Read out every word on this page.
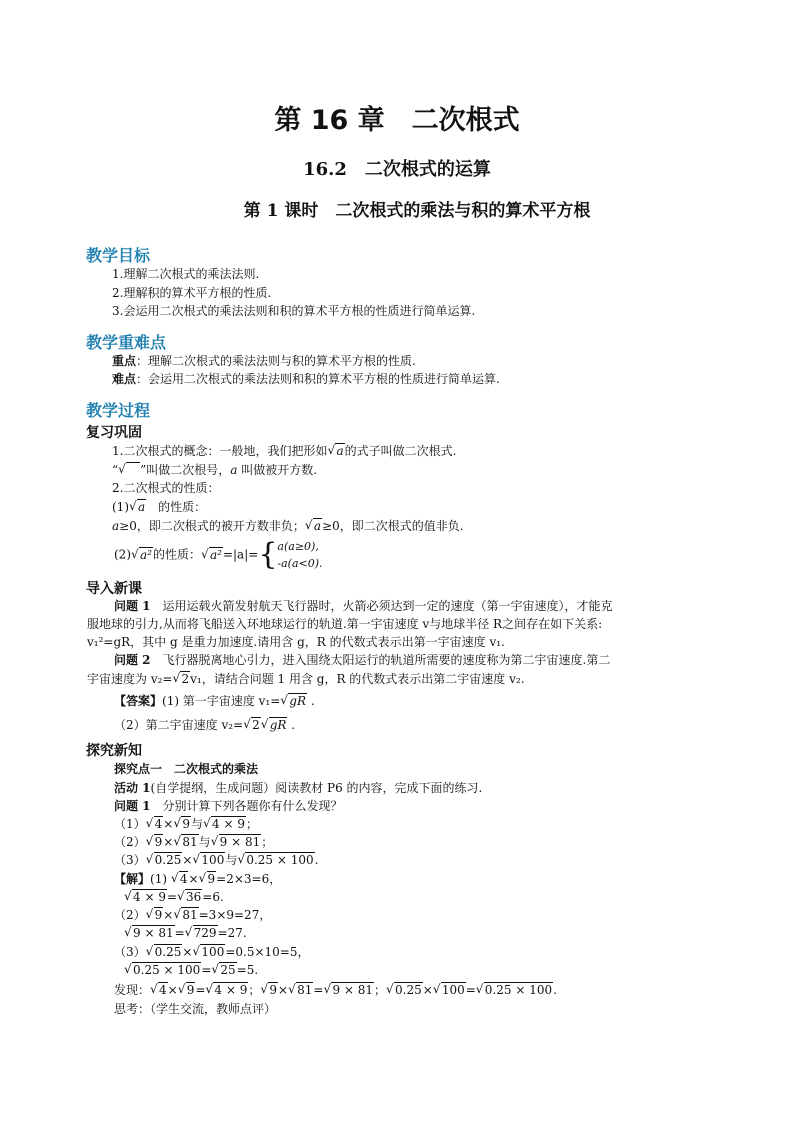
第 16 章　二次根式
16.2　二次根式的运算
第 1 课时　二次根式的乘法与积的算术平方根
教学目标
1.理解二次根式的乘法法则.
2.理解积的算术平方根的性质.
3.会运用二次根式的乘法法则和积的算术平方根的性质进行简单运算.
教学重难点
重点：理解二次根式的乘法法则与积的算术平方根的性质.
难点：会运用二次根式的乘法法则和积的算术平方根的性质进行简单运算.
教学过程
复习巩固
1.二次根式的概念：一般地，我们把形如 √ a的式子叫做二次根式.
“ √
　 ”叫做二次根号，a 叫做被开方数.
2.二次根式的性质：
(1) √ a　的性质：
a≥0，即二次根式的被开方数非负； √ a≥0，即二次根式的值非负.
(2) √ a²的性质： √ a²=|a|={a(a≥0),
-a(a<0).
导入新课
问题 1　运用运载火箭发射航天飞行器时，火箭必须达到一定的速度（第一宇宙速度），才能克
服地球的引力,从而将飞船送入环地球运行的轨道.第一宇宙速度 v与地球半径 R之间存在如下关系:
v₁²=gR，其中 g 是重力加速度.请用含 g，R 的代数式表示出第一宇宙速度 v₁.
问题 2　飞行器脱离地心引力，进入围绕太阳运行的轨道所需要的速度称为第二宇宙速度.第二
宇宙速度为 v₂= √ 2v₁，请结合问题 1 用含 g，R 的代数式表示出第二宇宙速度 v₂.
【答案】(1) 第一宇宙速度 v₁= √ gR .
（2）第二宇宙速度 v₂= √ 2 √ gR .
探究新知
探究点一　二次根式的乘法
活动 1(自学提纲，生成问题）阅读教材 P6 的内容，完成下面的练习.
问题 1　分别计算下列各题你有什么发现？
（1） √ 4× √ 9与 √ 4 × 9；
（2） √ 9× √ 81与 √ 9 × 81；
（3） √ 0.25× √ 100与 √ 0.25 × 100.
【解】(1) √ 4× √ 9=2×3=6，
√ 4 × 9= √ 36=6.
（2） √ 9× √ 81=3×9=27，
√ 9 × 81= √ 729=27.
（3） √ 0.25× √ 100=0.5×10=5，
√ 0.25 × 100= √ 25=5.
发现： √ 4× √ 9= √ 4 × 9； √ 9× √ 81= √ 9 × 81； √ 0.25× √ 100= √ 0.25 × 100.
思考：（学生交流，教师点评）
